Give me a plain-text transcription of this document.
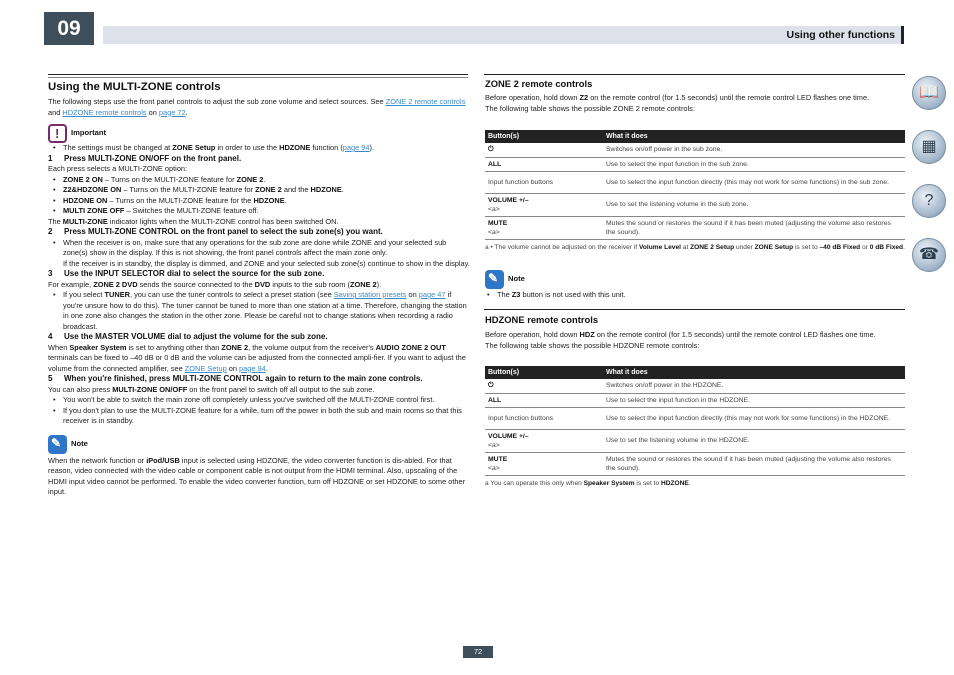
09	Using other functions
Using the MULTI-ZONE controls

The following steps use the front panel controls to adjust the sub zone volume and select sources. See ZONE 2 remote controls and HDZONE remote controls on page 72.

!
Important

• The settings must be changed at ZONE Setup in order to use the HDZONE function (page 94).

1 Press MULTI-ZONE ON/OFF on the front panel.

Each press selects a MULTI-ZONE option:

• ZONE 2 ON – Turns on the MULTI-ZONE feature for ZONE 2.

• Z2&HDZONE ON – Turns on the MULTI-ZONE feature for ZONE 2 and the HDZONE.

• HDZONE ON – Turns on the MULTI-ZONE feature for the HDZONE.

• MULTI ZONE OFF – Switches the MULTI-ZONE feature off.

The MULTI-ZONE indicator lights when the MULTI-ZONE control has been switched ON.

2 Press MULTI-ZONE CONTROL on the front panel to select the sub zone(s) you want.

• When the receiver is on, make sure that any operations for the sub zone are done while ZONE and your selected sub zone(s) show in the display. If this is not showing, the front panel controls affect the main zone only.

If the receiver is in standby, the display is dimmed, and ZONE and your selected sub zone(s) continue to show in the display.

3 Use the INPUT SELECTOR dial to select the source for the sub zone.

For example, ZONE 2 DVD sends the source connected to the DVD inputs to the sub room (ZONE 2).

• If you select TUNER, you can use the tuner controls to select a preset station (see Saving station presets on page 47 if you're unsure how to do this). The tuner cannot be tuned to more than one station at a time. Therefore, changing the station in one zone also changes the station in the other zone. Please be careful not to change stations when recording a radio broadcast.

4 Use the MASTER VOLUME dial to adjust the volume for the sub zone.

When Speaker System is set to anything other than ZONE 2, the volume output from the receiver's AUDIO ZONE 2 OUT terminals can be fixed to –40 dB or 0 dB and the volume can be adjusted from the connected ampli-fier. If you want to adjust the volume from the connected amplifier, see ZONE Setup on page 94.

5 When you're finished, press MULTI-ZONE CONTROL again to return to the main zone controls.

You can also press MULTI-ZONE ON/OFF on the front panel to switch off all output to the sub zone.

• You won't be able to switch the main zone off completely unless you've switched off the MULTI-ZONE control first.

• If you don't plan to use the MULTI-ZONE feature for a while, turn off the power in both the sub and main rooms so that this receiver is in standby.

✎
Note

When the network function or iPod/USB input is selected using HDZONE, the video converter function is dis-abled. For that reason, video connected with the video cable or component cable is not output from the HDMI terminal. Also, upscaling of the HDMI input video cannot be performed. To enable the video converter function, turn off HDZONE or set HDZONE to some other input.

ZONE 2 remote controls

Before operation, hold down Z2 on the remote control (for 1.5 seconds) until the remote control LED flashes one time.

The following table shows the possible ZONE 2 remote controls:

Button(s)	What it does
⏻	Switches on/off power in the sub zone.
ALL	Use to select the input function in the sub zone.
Input function buttons	Use to select the input function directly (this may not work for some functions) in the sub zone.
VOLUME +/–
<a>	Use to set the listening volume in the sub zone.
MUTE
<a>	Mutes the sound or restores the sound if it has been muted (adjusting the volume also restores the sound).

a • The volume cannot be adjusted on the receiver if Volume Level at ZONE 2 Setup under ZONE Setup is set to –40 dB Fixed or 0 dB Fixed.

✎
Note

• The Z3 button is not used with this unit.

HDZONE remote controls

Before operation, hold down HDZ on the remote control (for 1.5 seconds) until the remote control LED flashes one time.

The following table shows the possible HDZONE remote controls:

Button(s)	What it does
⏻	Switches on/off power in the HDZONE.
ALL	Use to select the input function in the HDZONE.
Input function buttons	Use to select the input function directly (this may not work for some functions) in the HDZONE.
VOLUME +/–
<a>	Use to set the listening volume in the HDZONE.
MUTE
<a>	Mutes the sound or restores the sound if it has been muted (adjusting the volume also restores the sound).

a You can operate this only when Speaker System is set to HDZONE.

📖
▦
?
☎
72
